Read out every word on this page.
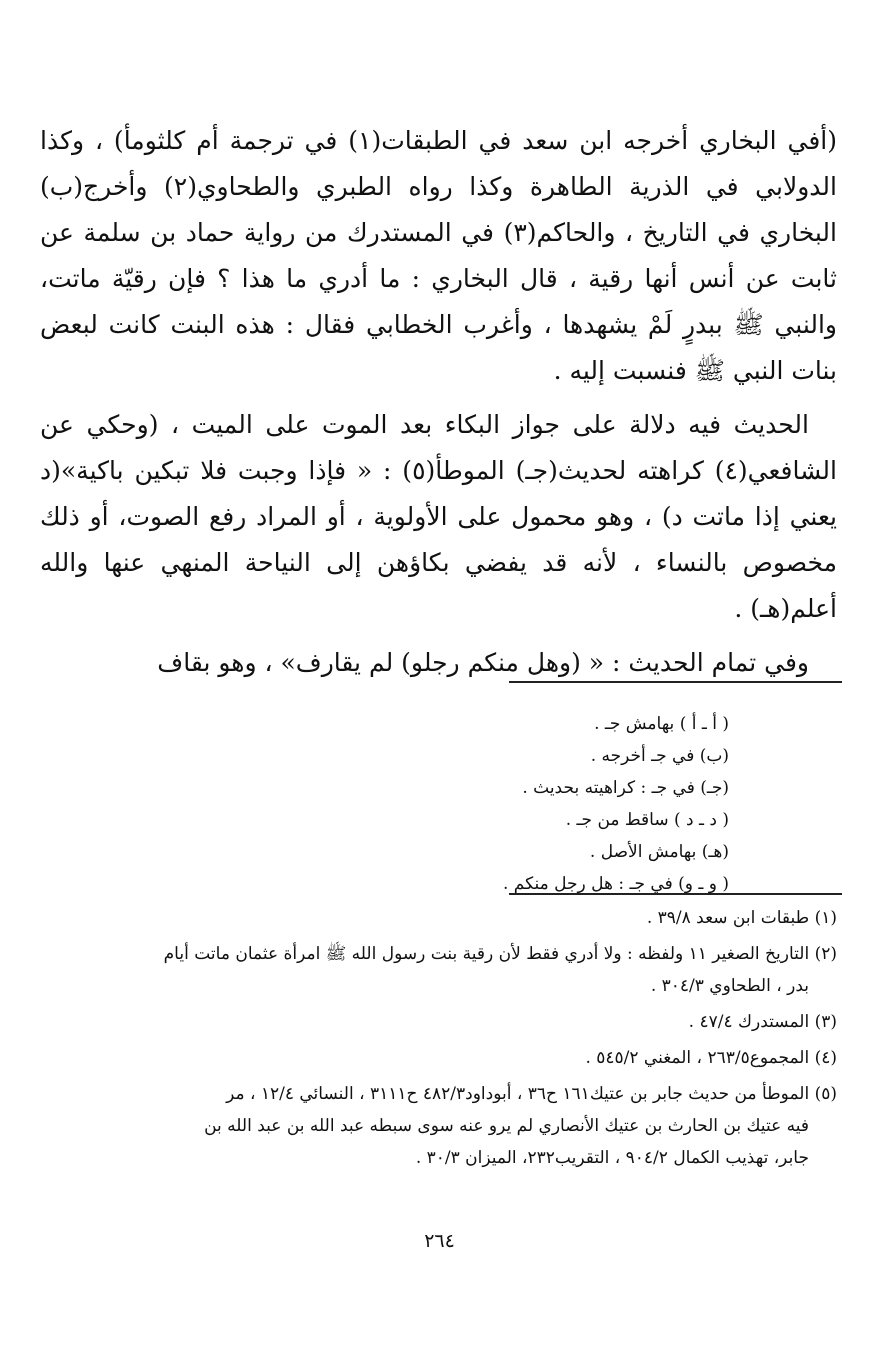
(أفي البخاري أخرجه ابن سعد في الطبقات(١) في ترجمة أم كلثومأ) ، وكذا الدولابي في الذرية الطاهرة وكذا رواه الطبري والطحاوي(٢) وأخرج(ب) البخاري في التاريخ ، والحاكم(٣) في المستدرك من رواية حماد بن سلمة عن ثابت عن أنس أنها رقية ، قال البخاري : ما أدري ما هذا ؟ فإن رقيّة ماتت، والنبي ﷺ ببدرٍ لَمْ يشهدها ، وأغرب الخطابي فقال : هذه البنت كانت لبعض بنات النبي ﷺ فنسبت إليه .

الحديث فيه دلالة على جواز البكاء بعد الموت على الميت ، (وحكي عن الشافعي(٤) كراهته لحديث(جـ) الموطأ(٥) : « فإذا وجبت فلا تبكين باكية»(د يعني إذا ماتت د) ، وهو محمول على الأولوية ، أو المراد رفع الصوت، أو ذلك مخصوص بالنساء ، لأنه قد يفضي بكاؤهن إلى النياحة المنهي عنها والله أعلم(هـ) .

وفي تمام الحديث : « (وهل منكم رجلو) لم يقارف» ، وهو بقاف

( أ ـ أ ) بهامش جـ .
(ب) في جـ أخرجه .
(جـ) في جـ : كراهيته بحديث .
( د ـ د ) ساقط من جـ .
(هـ) بهامش الأصل .
( و ـ و) في جـ : هل رجل منكم .
(١) طبقات ابن سعد ٣٩/٨ .
(٢) التاريخ الصغير ١١ ولفظه : ولا أدري فقط لأن رقية بنت رسول الله ﷺ امرأة عثمان ماتت أيام
بدر ، الطحاوي ٣٠٤/٣ .
(٣) المستدرك ٤٧/٤ .
(٤) المجموع٢٦٣/٥ ، المغني ٥٤٥/٢ .
(٥) الموطأ من حديث جابر بن عتيك١٦١ ح٣٦ ، أبوداود٤٨٢/٣ ح٣١١١ ، النسائي ١٢/٤ ، مر
فيه عتيك بن الحارث بن عتيك الأنصاري لم يرو عنه سوى سبطه عبد الله بن عبد الله بن
جابر، تهذيب الكمال ٩٠٤/٢ ، التقريب٢٣٢، الميزان ٣٠/٣ .
٢٦٤
